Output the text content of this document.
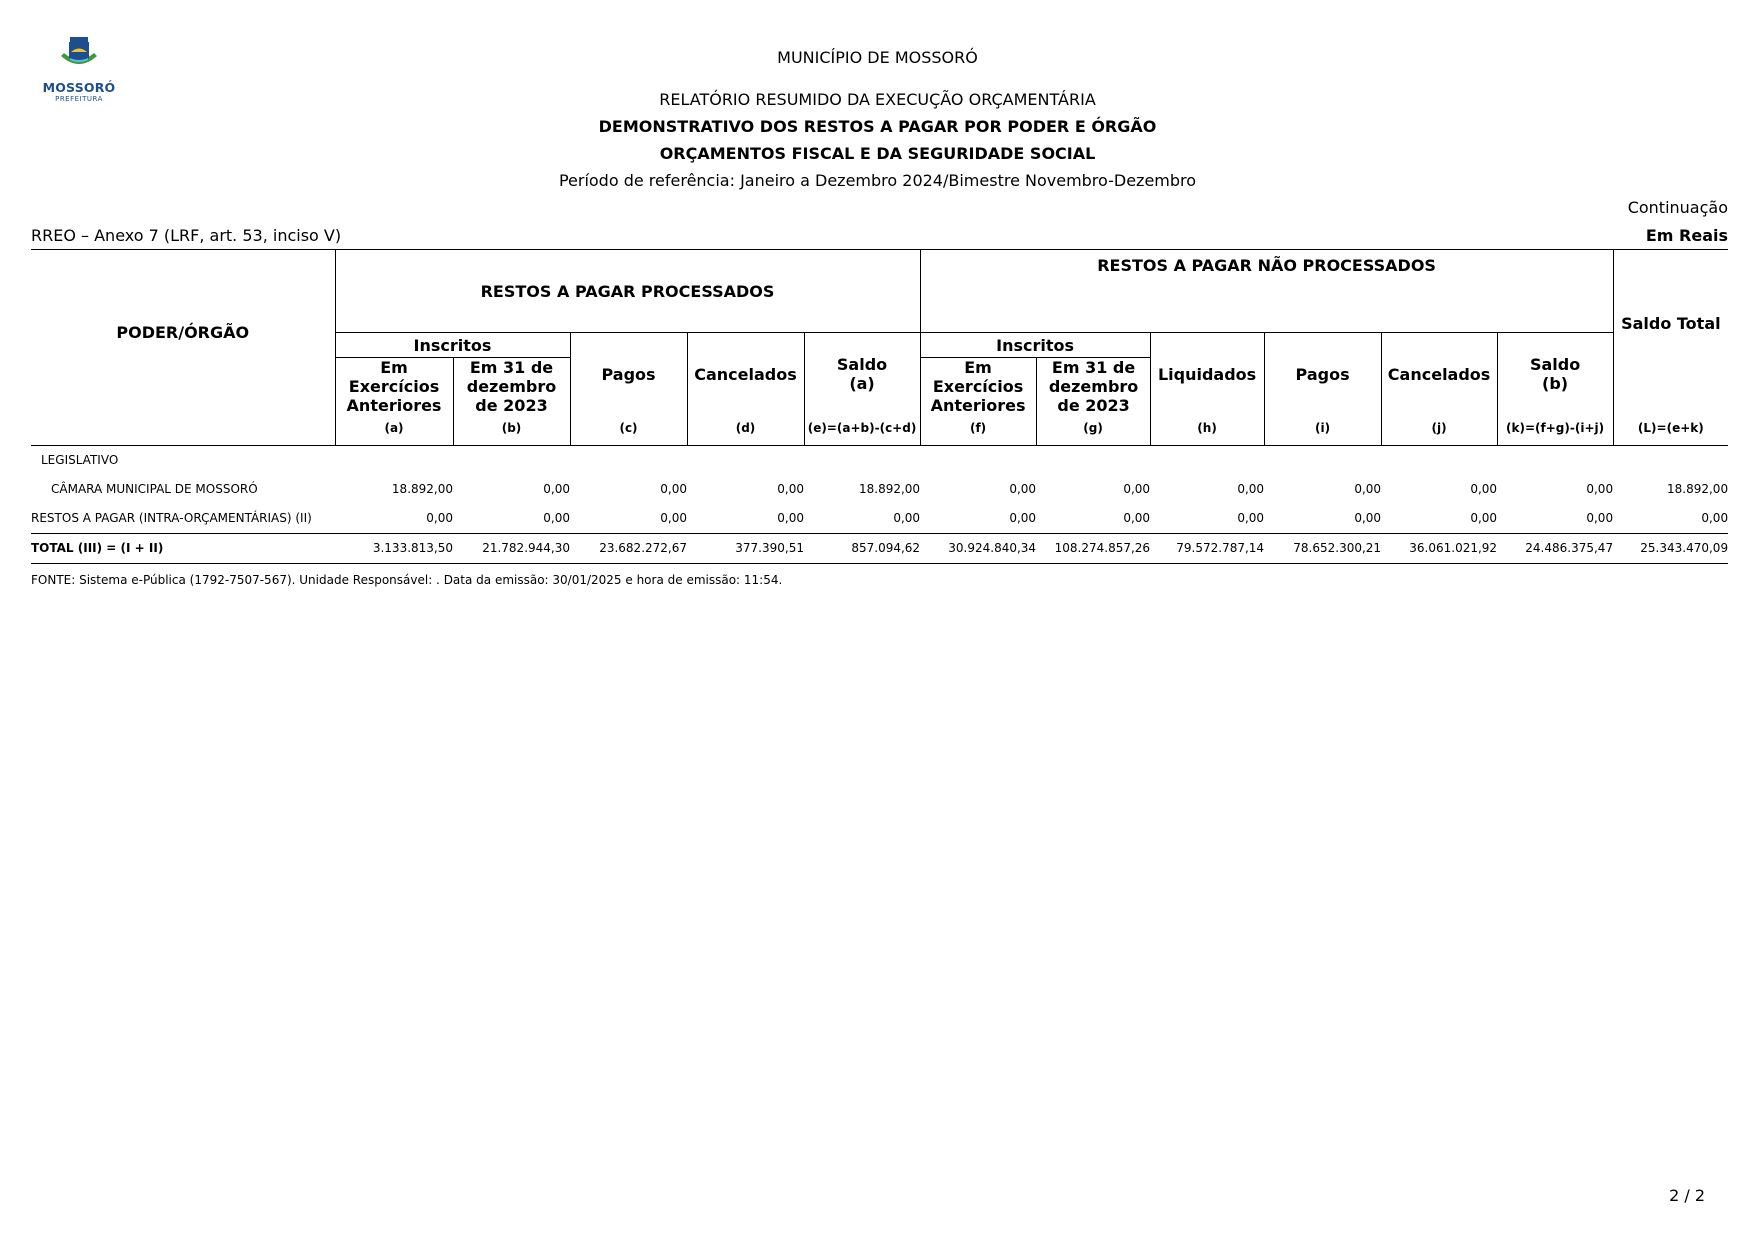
MOSSORÓ
PREFEITURA
MUNICÍPIO DE MOSSORÓ
RELATÓRIO RESUMIDO DA EXECUÇÃO ORÇAMENTÁRIA
DEMONSTRATIVO DOS RESTOS A PAGAR POR PODER E ÓRGÃO
ORÇAMENTOS FISCAL E DA SEGURIDADE SOCIAL
Período de referência: Janeiro a Dezembro 2024/Bimestre Novembro-Dezembro
Continuação
RREO – Anexo 7 (LRF, art. 53, inciso V)	Em Reais
PODER/ÓRGÃO	RESTOS A PAGAR PROCESSADOS					RESTOS A PAGAR NÃO PROCESSADOS						Saldo Total

	Inscritos		Pagos	Cancelados	Saldo (a)	Inscritos		Liquidados	Pagos	Cancelados	Saldo (b)	

	Em Exercícios Anteriores	Em 31 de dezembro de 2023				Em Exercícios Anteriores	Em 31 de dezembro de 2023					

	(a)	(b)	(c)	(d)	(e)=(a+b)-(c+d)	(f)	(g)	(h)	(i)	(j)	(k)=(f+g)-(i+j)	(L)=(e+k)
LEGISLATIVO												
CÂMARA MUNICIPAL DE MOSSORÓ	18.892,00	0,00	0,00	0,00	18.892,00	0,00	0,00	0,00	0,00	0,00	0,00	18.892,00
RESTOS A PAGAR (INTRA-ORÇAMENTÁRIAS) (II)	0,00	0,00	0,00	0,00	0,00	0,00	0,00	0,00	0,00	0,00	0,00	0,00
TOTAL (III) = (I + II)	3.133.813,50	21.782.944,30	23.682.272,67	377.390,51	857.094,62	30.924.840,34	108.274.857,26	79.572.787,14	78.652.300,21	36.061.021,92	24.486.375,47	25.343.470,09
FONTE: Sistema e-Pública (1792-7507-567). Unidade Responsável: . Data da emissão: 30/01/2025 e hora de emissão: 11:54.
2 / 2
